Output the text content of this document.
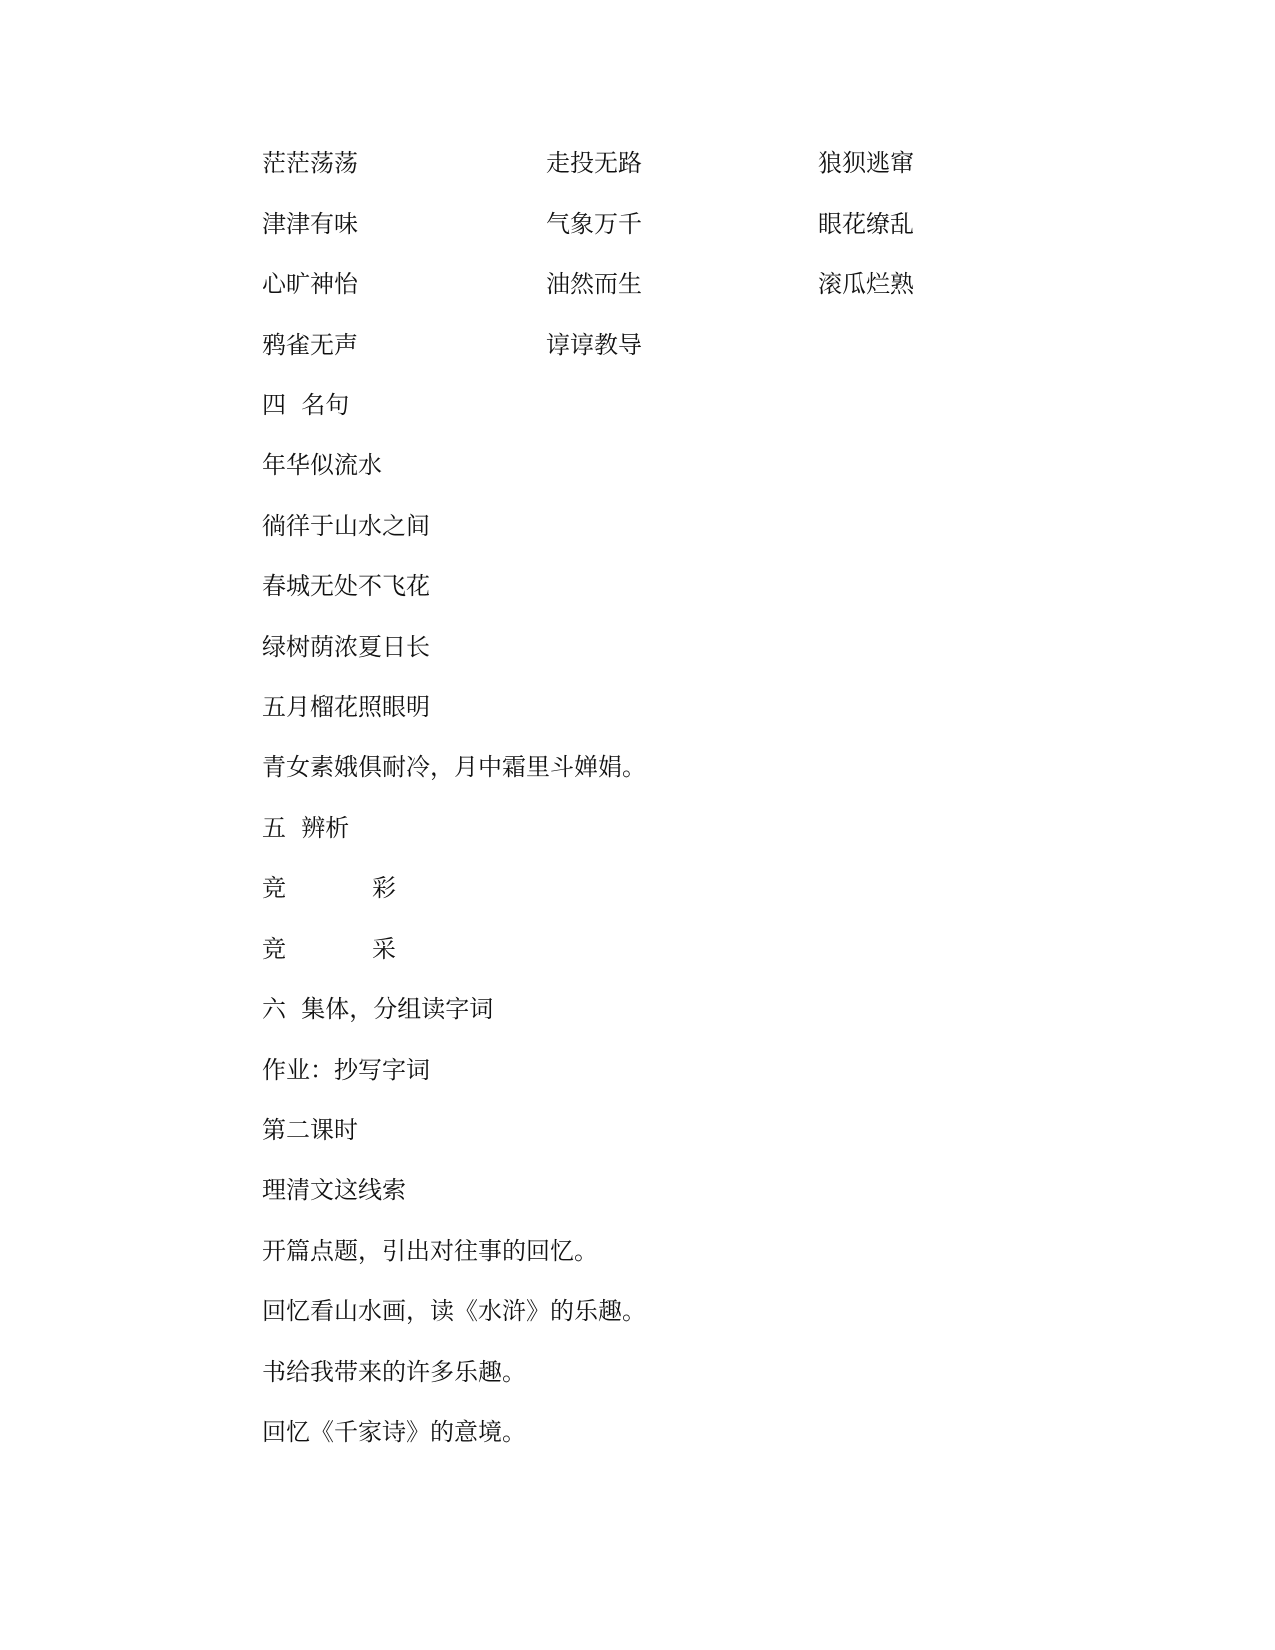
茫茫荡荡	走投无路	狼狈逃窜
津津有味	气象万千	眼花缭乱
心旷神怡	油然而生	滚瓜烂熟
鸦雀无声	谆谆教导
四  名句
年华似流水
徜徉于山水之间
春城无处不飞花
绿树荫浓夏日长
五月榴花照眼明
青女素娥俱耐冷，月中霜里斗婵娟。
五  辨析
竞	彩
竞	采
六  集体，分组读字词
作业：抄写字词
第二课时
理清文这线索
开篇点题，引出对往事的回忆。
回忆看山水画，读《水浒》的乐趣。
书给我带来的许多乐趣。
回忆《千家诗》的意境。
